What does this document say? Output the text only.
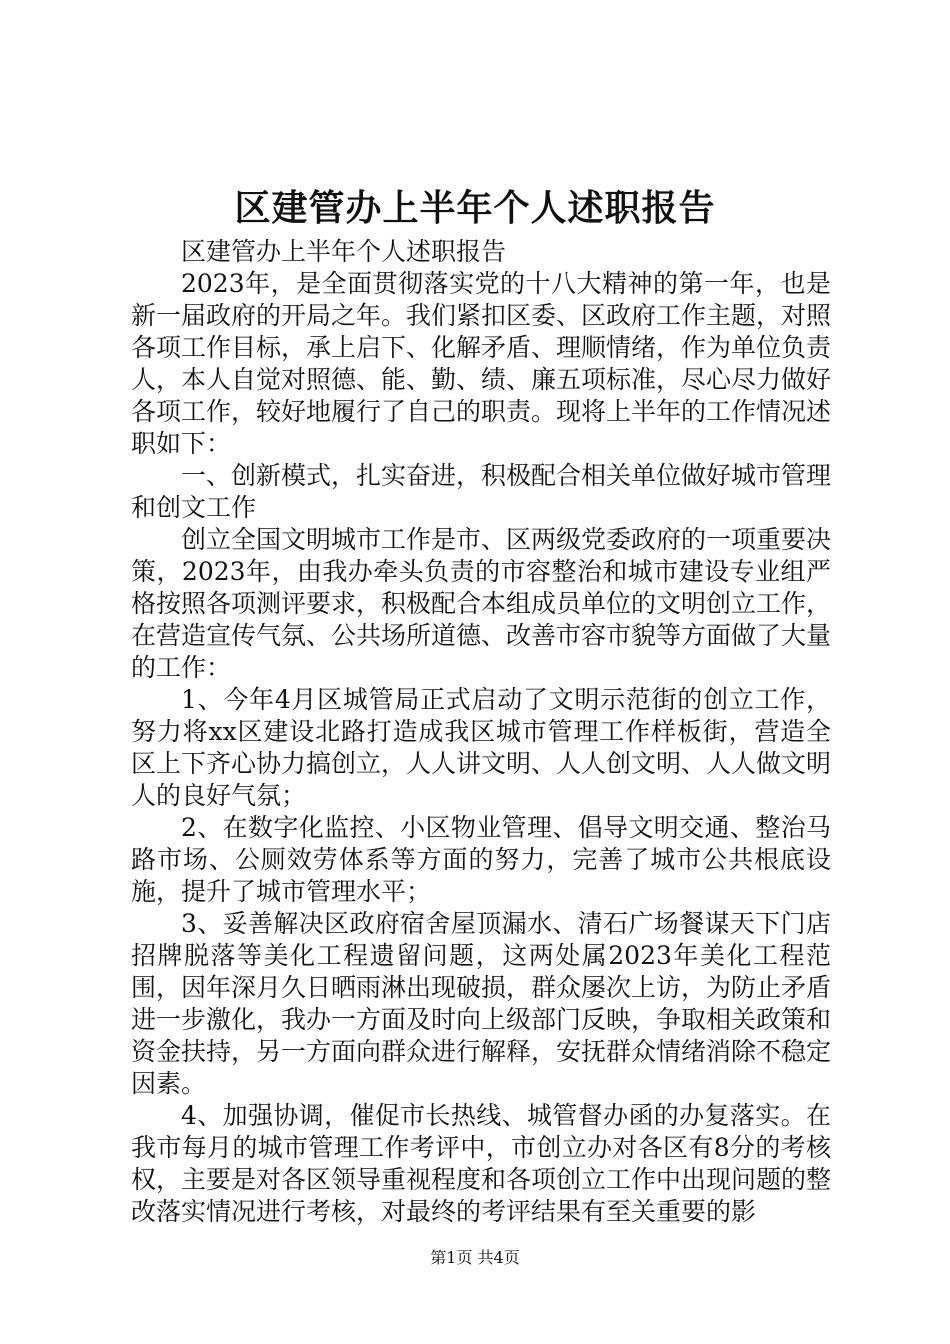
区建管办上半年个人述职报告

区建管办上半年个人述职报告

2023年，是全面贯彻落实党的十八大精神的第一年，也是新一届政府的开局之年。我们紧扣区委、区政府工作主题，对照各项工作目标，承上启下、化解矛盾、理顺情绪，作为单位负责人，本人自觉对照德、能、勤、绩、廉五项标准，尽心尽力做好各项工作，较好地履行了自己的职责。现将上半年的工作情况述职如下：

一、创新模式，扎实奋进，积极配合相关单位做好城市管理和创文工作

创立全国文明城市工作是市、区两级党委政府的一项重要决策，2023年，由我办牵头负责的市容整治和城市建设专业组严格按照各项测评要求，积极配合本组成员单位的文明创立工作，在营造宣传气氛、公共场所道德、改善市容市貌等方面做了大量的工作：

1、今年4月区城管局正式启动了文明示范街的创立工作，努力将xx区建设北路打造成我区城市管理工作样板街，营造全区上下齐心协力搞创立，人人讲文明、人人创文明、人人做文明人的良好气氛；

2、在数字化监控、小区物业管理、倡导文明交通、整治马路市场、公厕效劳体系等方面的努力，完善了城市公共根底设施，提升了城市管理水平；

3、妥善解决区政府宿舍屋顶漏水、清石广场餐谋天下门店招牌脱落等美化工程遗留问题，这两处属2023年美化工程范围，因年深月久日晒雨淋出现破损，群众屡次上访，为防止矛盾进一步激化，我办一方面及时向上级部门反映，争取相关政策和资金扶持，另一方面向群众进行解释，安抚群众情绪消除不稳定因素。

4、加强协调，催促市长热线、城管督办函的办复落实。在我市每月的城市管理工作考评中，市创立办对各区有8分的考核权，主要是对各区领导重视程度和各项创立工作中出现问题的整改落实情况进行考核，对最终的考评结果有至关重要的影

第1页 共4页
